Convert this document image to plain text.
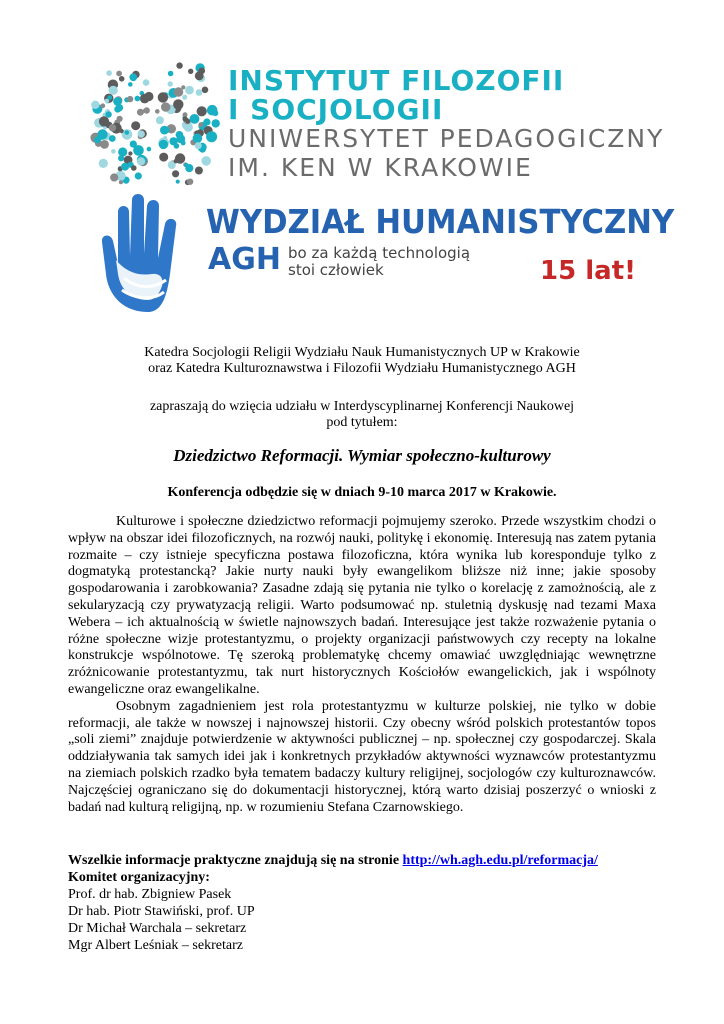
INSTYTUT FILOZOFII
I SOCJOLOGII
UNIWERSYTET PEDAGOGICZNY
IM. KEN W KRAKOWIE
WYDZIAŁ HUMANISTYCZNY
AGH bo za każdą technologią
stoi człowiek	15 lat!
Katedra Socjologii Religii Wydziału Nauk Humanistycznych UP w Krakowie
oraz Katedra Kulturoznawstwa i Filozofii Wydziału Humanistycznego AGH
zapraszają do wzięcia udziału w Interdyscyplinarnej Konferencji Naukowej
pod tytułem:
Dziedzictwo Reformacji. Wymiar społeczno-kulturowy
Konferencja odbędzie się w dniach 9-10 marca 2017 w Krakowie.

Kulturowe i społeczne dziedzictwo reformacji pojmujemy szeroko. Przede wszystkim chodzi o wpływ na obszar idei filozoficznych, na rozwój nauki, politykę i ekonomię. Interesują nas zatem pytania rozmaite – czy istnieje specyficzna postawa filozoficzna, która wynika lub koresponduje tylko z dogmatyką protestancką? Jakie nurty nauki były ewangelikom bliższe niż inne; jakie sposoby gospodarowania i zarobkowania? Zasadne zdają się pytania nie tylko o korelację z zamożnością, ale z sekularyzacją czy prywatyzacją religii. Warto podsumować np. stuletnią dyskusję nad tezami Maxa Webera – ich aktualnością w świetle najnowszych badań. Interesujące jest także rozważenie pytania o różne społeczne wizje protestantyzmu, o projekty organizacji państwowych czy recepty na lokalne konstrukcje wspólnotowe. Tę szeroką problematykę chcemy omawiać uwzględniając wewnętrzne zróżnicowanie protestantyzmu, tak nurt historycznych Kościołów ewangelickich, jak i wspólnoty ewangeliczne oraz ewangelikalne.

Osobnym zagadnieniem jest rola protestantyzmu w kulturze polskiej, nie tylko w dobie reformacji, ale także w nowszej i najnowszej historii. Czy obecny wśród polskich protestantów topos „soli ziemi” znajduje potwierdzenie w aktywności publicznej – np. społecznej czy gospodarczej. Skala oddziaływania tak samych idei jak i konkretnych przykładów aktywności wyznawców protestantyzmu na ziemiach polskich rzadko była tematem badaczy kultury religijnej, socjologów czy kulturoznawców. Najczęściej ograniczano się do dokumentacji historycznej, którą warto dzisiaj poszerzyć o wnioski z badań nad kulturą religijną, np. w rozumieniu Stefana Czarnowskiego.

Wszelkie informacje praktyczne znajdują się na stronie http://wh.agh.edu.pl/reformacja/
Komitet organizacyjny:
Prof. dr hab. Zbigniew Pasek
Dr hab. Piotr Stawiński, prof. UP
Dr Michał Warchala – sekretarz
Mgr Albert Leśniak – sekretarz
